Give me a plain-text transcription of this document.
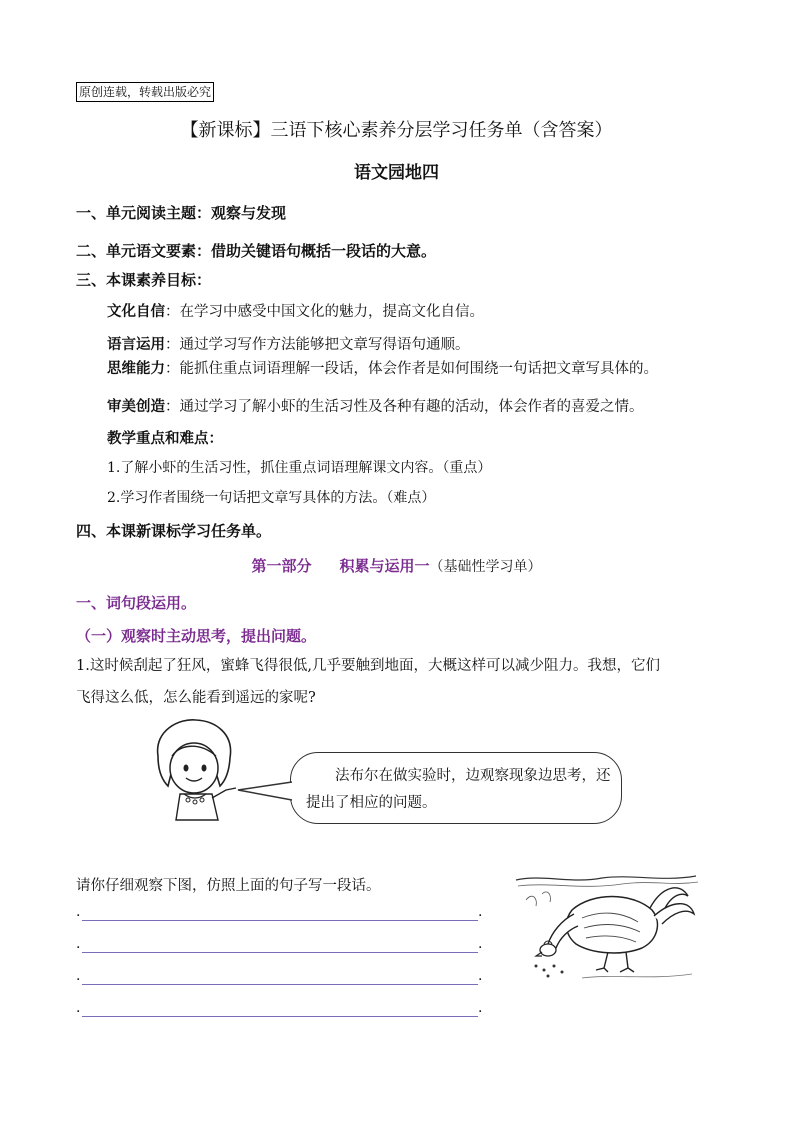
原创连载，转载出版必究
【新课标】三语下核心素养分层学习任务单（含答案）
语文园地四
一、单元阅读主题：观察与发现
二、单元语文要素：借助关键语句概括一段话的大意。
三、本课素养目标：
文化自信：在学习中感受中国文化的魅力，提高文化自信。
语言运用：通过学习写作方法能够把文章写得语句通顺。
思维能力：能抓住重点词语理解一段话，体会作者是如何围绕一句话把文章写具体的。
审美创造：通过学习了解小虾的生活习性及各种有趣的活动，体会作者的喜爱之情。
教学重点和难点：
1.了解小虾的生活习性，抓住重点词语理解课文内容。（重点）
2.学习作者围绕一句话把文章写具体的方法。（难点）
四、本课新课标学习任务单。
第一部分 积累与运用一（基础性学习单）
一、词句段运用。
（一）观察时主动思考，提出问题。
1.这时候刮起了狂风，蜜蜂飞得很低,几乎要触到地面，大概这样可以减少阻力。我想，它们
飞得这么低，怎么能看到遥远的家呢?
法布尔在做实验时，边观察现象边思考，还提出了相应的问题。
请你仔细观察下图，仿照上面的句子写一段话。
.	.
.	.
.	.
.	.
